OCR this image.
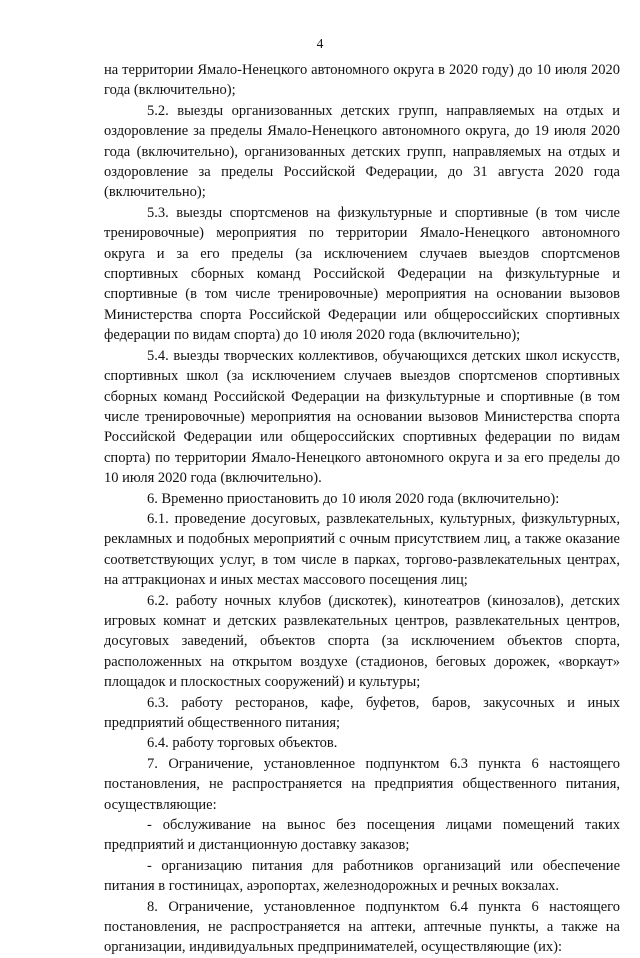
4

на территории Ямало-Ненецкого автономного округа в 2020 году) до 10 июля 2020 года (включительно);

5.2. выезды организованных детских групп, направляемых на отдых и оздоровление за пределы Ямало-Ненецкого автономного округа, до 19 июля 2020 года (включительно), организованных детских групп, направляемых на отдых и оздоровление за пределы Российской Федерации, до 31 августа 2020 года (включительно);

5.3. выезды спортсменов на физкультурные и спортивные (в том числе тренировочные) мероприятия по территории Ямало-Ненецкого автономного округа и за его пределы (за исключением случаев выездов спортсменов спортивных сборных команд Российской Федерации на физкультурные и спортивные (в том числе тренировочные) мероприятия на основании вызовов Министерства спорта Российской Федерации или общероссийских спортивных федерации по видам спорта) до 10 июля 2020 года (включительно);

5.4. выезды творческих коллективов, обучающихся детских школ искусств, спортивных школ (за исключением случаев выездов спортсменов спортивных сборных команд Российской Федерации на физкультурные и спортивные (в том числе тренировочные) мероприятия на основании вызовов Министерства спорта Российской Федерации или общероссийских спортивных федерации по видам спорта) по территории Ямало-Ненецкого автономного округа и за его пределы до 10 июля 2020 года (включительно).

6. Временно приостановить до 10 июля 2020 года (включительно):

6.1. проведение досуговых, развлекательных, культурных, физкультурных, рекламных и подобных мероприятий с очным присутствием лиц, а также оказание соответствующих услуг, в том числе в парках, торгово-развлекательных центрах, на аттракционах и иных местах массового посещения лиц;

6.2. работу ночных клубов (дискотек), кинотеатров (кинозалов), детских игровых комнат и детских развлекательных центров, развлекательных центров, досуговых заведений, объектов спорта (за исключением объектов спорта, расположенных на открытом воздухе (стадионов, беговых дорожек, «воркаут» площадок и плоскостных сооружений) и культуры;

6.3. работу ресторанов, кафе, буфетов, баров, закусочных и иных предприятий общественного питания;

6.4. работу торговых объектов.

7. Ограничение, установленное подпунктом 6.3 пункта 6 настоящего постановления, не распространяется на предприятия общественного питания, осуществляющие:

- обслуживание на вынос без посещения лицами помещений таких предприятий и дистанционную доставку заказов;

- организацию питания для работников организаций или обеспечение питания в гостиницах, аэропортах, железнодорожных и речных вокзалах.

8. Ограничение, установленное подпунктом 6.4 пункта 6 настоящего постановления, не распространяется на аптеки, аптечные пункты, а также на организации, индивидуальных предпринимателей, осуществляющие (их):
